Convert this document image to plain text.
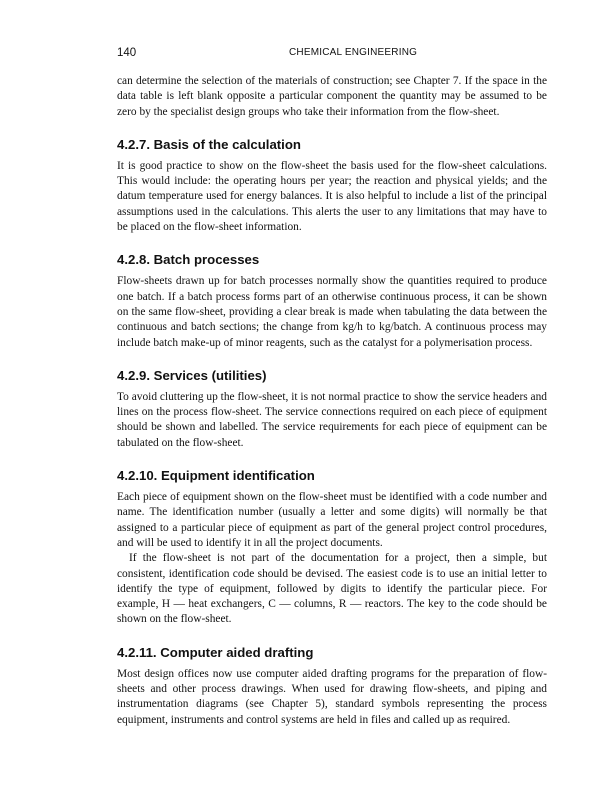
140	CHEMICAL ENGINEERING

can determine the selection of the materials of construction; see Chapter 7. If the space in the data table is left blank opposite a particular component the quantity may be assumed to be zero by the specialist design groups who take their information from the flow-sheet.

4.2.7. Basis of the calculation

It is good practice to show on the flow-sheet the basis used for the flow-sheet calculations. This would include: the operating hours per year; the reaction and physical yields; and the datum temperature used for energy balances. It is also helpful to include a list of the principal assumptions used in the calculations. This alerts the user to any limitations that may have to be placed on the flow-sheet information.

4.2.8. Batch processes

Flow-sheets drawn up for batch processes normally show the quantities required to produce one batch. If a batch process forms part of an otherwise continuous process, it can be shown on the same flow-sheet, providing a clear break is made when tabulating the data between the continuous and batch sections; the change from kg/h to kg/batch. A continuous process may include batch make-up of minor reagents, such as the catalyst for a polymerisation process.

4.2.9. Services (utilities)

To avoid cluttering up the flow-sheet, it is not normal practice to show the service headers and lines on the process flow-sheet. The service connections required on each piece of equipment should be shown and labelled. The service requirements for each piece of equipment can be tabulated on the flow-sheet.

4.2.10. Equipment identification

Each piece of equipment shown on the flow-sheet must be identified with a code number and name. The identification number (usually a letter and some digits) will normally be that assigned to a particular piece of equipment as part of the general project control procedures, and will be used to identify it in all the project documents.

If the flow-sheet is not part of the documentation for a project, then a simple, but consistent, identification code should be devised. The easiest code is to use an initial letter to identify the type of equipment, followed by digits to identify the particular piece. For example, H — heat exchangers, C — columns, R — reactors. The key to the code should be shown on the flow-sheet.

4.2.11. Computer aided drafting

Most design offices now use computer aided drafting programs for the preparation of flow-sheets and other process drawings. When used for drawing flow-sheets, and piping and instrumentation diagrams (see Chapter 5), standard symbols representing the process equipment, instruments and control systems are held in files and called up as required.
